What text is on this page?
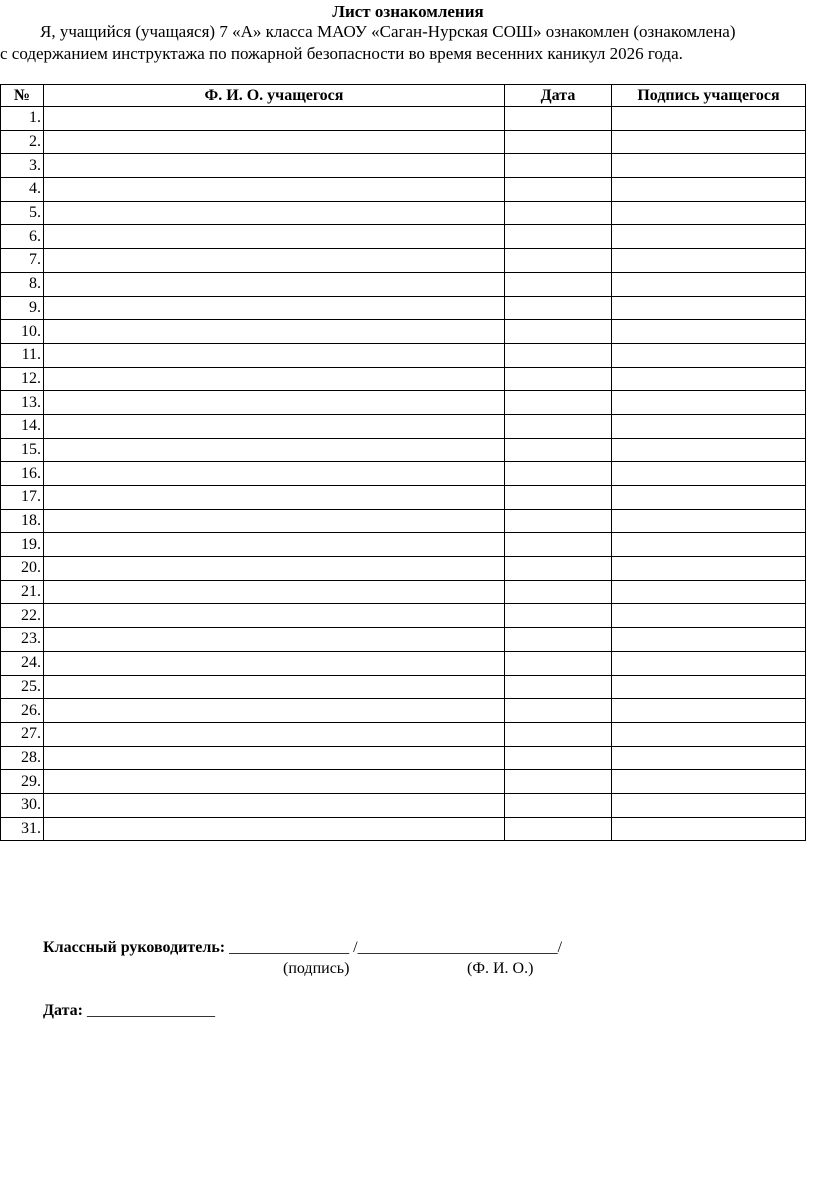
Лист ознакомления
Я, учащийся (учащаяся) 7 «А» класса МАОУ «Саган-Нурская СОШ» ознакомлен (ознакомлена)
с содержанием инструктажа по пожарной безопасности во время весенних каникул 2026 года.
№	Ф. И. О. учащегося	Дата	Подпись учащегося
1.			
2.			
3.			
4.			
5.			
6.			
7.			
8.			
9.			
10.			
11.			
12.			
13.			
14.			
15.			
16.			
17.			
18.			
19.			
20.			
21.			
22.			
23.			
24.			
25.			
26.			
27.			
28.			
29.			
30.			
31.			
Классный руководитель: _______________ /_________________________/
(подпись)	(Ф. И. О.)
Дата: ________________
